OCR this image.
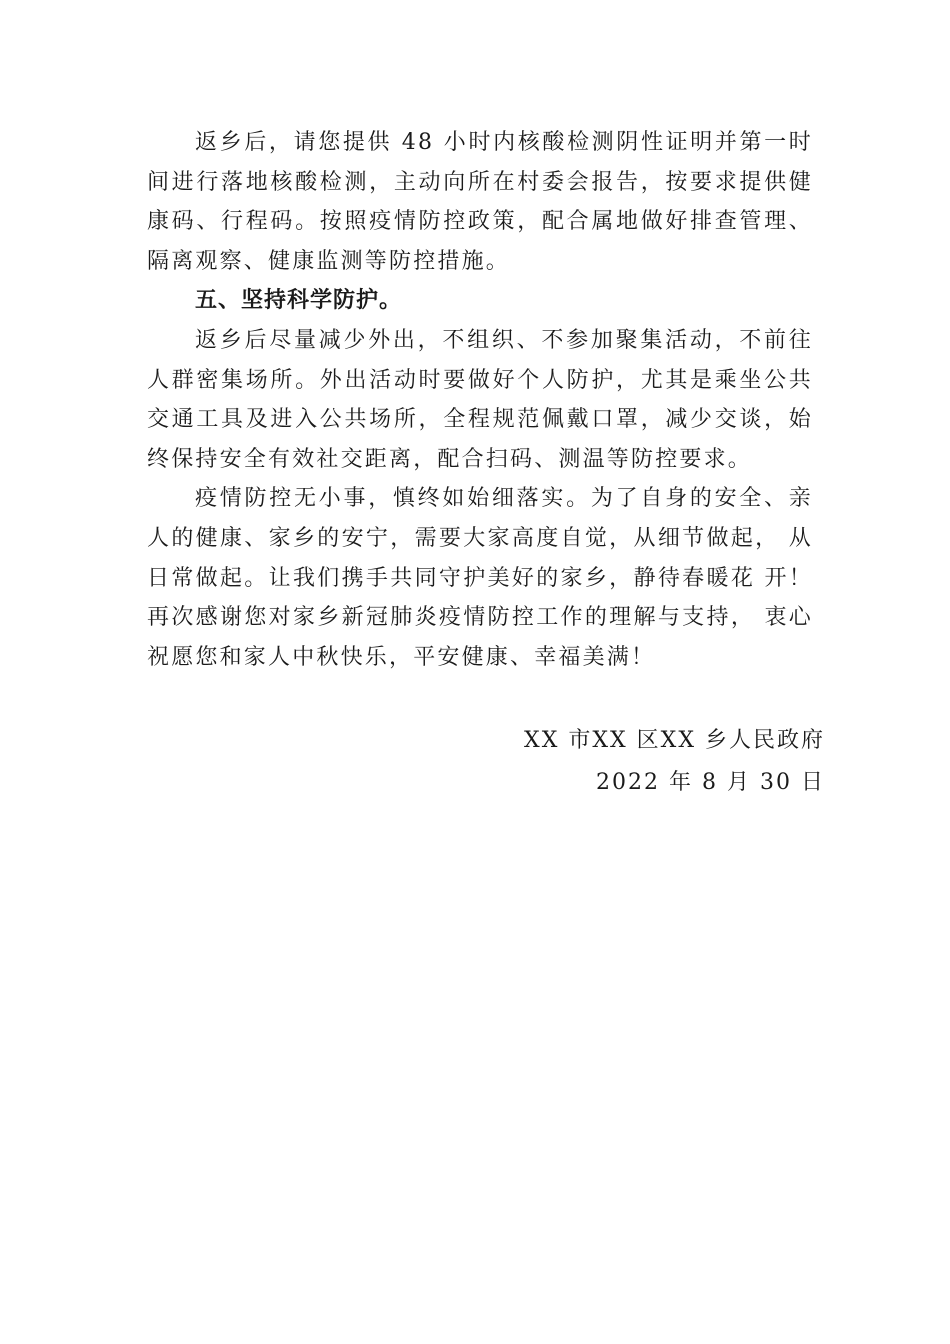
返乡后，请您提供 48 小时内核酸检测阴性证明并第一时间进行落地核酸检测，主动向所在村委会报告，按要求提供健康码、行程码。按照疫情防控政策，配合属地做好排查管理、隔离观察、健康监测等防控措施。

五、坚持科学防护。

返乡后尽量减少外出，不组织、不参加聚集活动，不前往人群密集场所。外出活动时要做好个人防护，尤其是乘坐公共交通工具及进入公共场所，全程规范佩戴口罩，减少交谈，始终保持安全有效社交距离，配合扫码、测温等防控要求。

疫情防控无小事，慎终如始细落实。为了自身的安全、亲人的健康、家乡的安宁，需要大家高度自觉，从细节做起， 从日常做起。让我们携手共同守护美好的家乡，静待春暖花 开！再次感谢您对家乡新冠肺炎疫情防控工作的理解与支持， 衷心祝愿您和家人中秋快乐，平安健康、幸福美满！

XX 市XX 区XX 乡人民政府
2022 年 8 月 30 日
